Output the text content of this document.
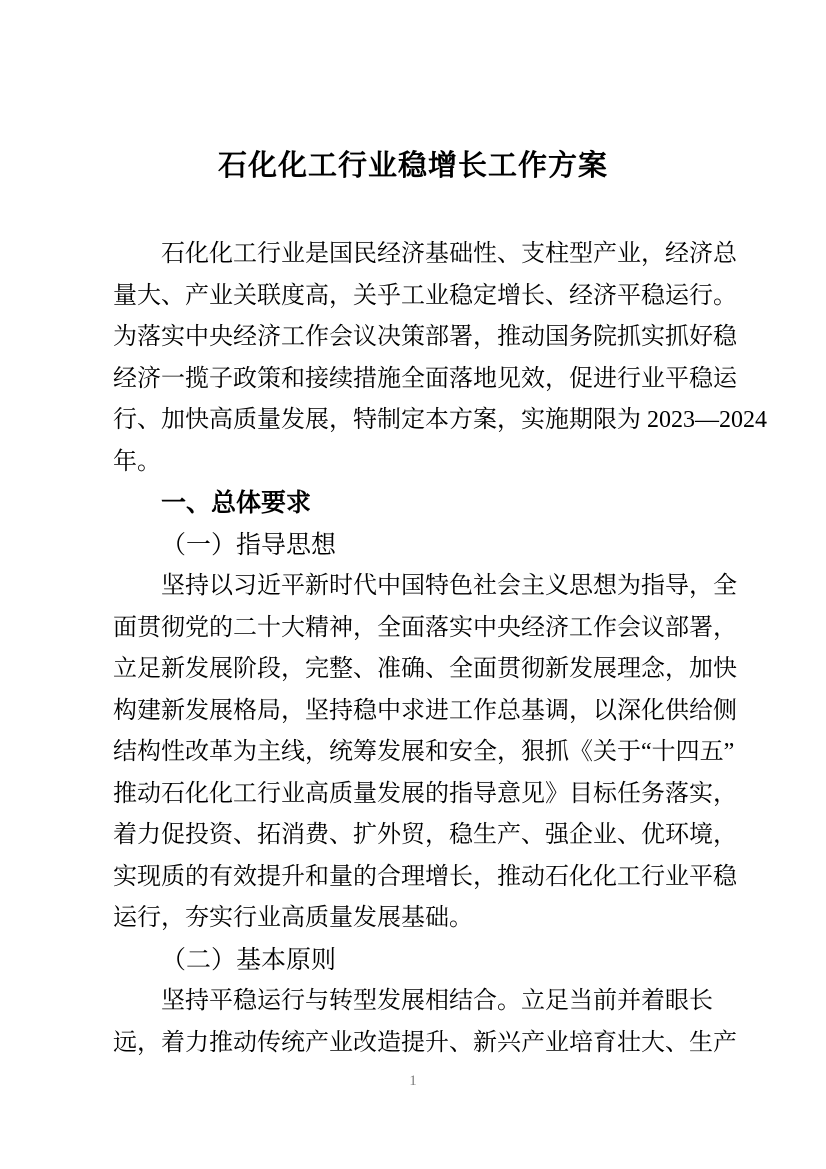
石化化工行业稳增长工作方案
石化化工行业是国民经济基础性、支柱型产业，经济总
量大、产业关联度高，关乎工业稳定增长、经济平稳运行。
为落实中央经济工作会议决策部署，推动国务院抓实抓好稳
经济一揽子政策和接续措施全面落地见效，促进行业平稳运
行、加快高质量发展，特制定本方案，实施期限为 2023—2024
年。
一、总体要求
（一）指导思想
坚持以习近平新时代中国特色社会主义思想为指导，全
面贯彻党的二十大精神，全面落实中央经济工作会议部署，
立足新发展阶段，完整、准确、全面贯彻新发展理念，加快
构建新发展格局，坚持稳中求进工作总基调，以深化供给侧
结构性改革为主线，统筹发展和安全，狠抓《关于“十四五”
推动石化化工行业高质量发展的指导意见》目标任务落实，
着力促投资、拓消费、扩外贸，稳生产、强企业、优环境，
实现质的有效提升和量的合理增长，推动石化化工行业平稳
运行，夯实行业高质量发展基础。
（二）基本原则
坚持平稳运行与转型发展相结合。立足当前并着眼长
远，着力推动传统产业改造提升、新兴产业培育壮大、生产
1
